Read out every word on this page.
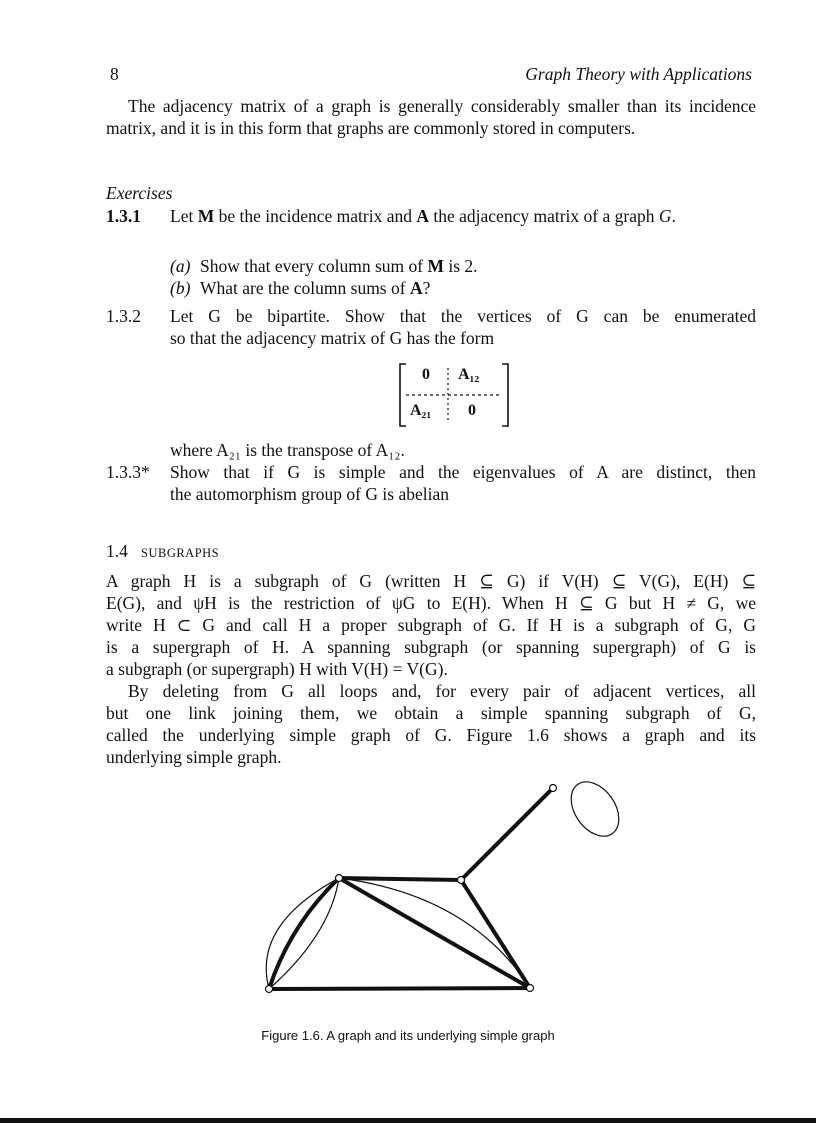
8	Graph Theory with Applications
The adjacency matrix of a graph is generally considerably smaller than its incidence matrix, and it is in this form that graphs are commonly stored in computers.
Exercises
1.3.1 Let M be the incidence matrix and A the adjacency matrix of a graph G.
(a) Show that every column sum of M is 2.
(b) What are the column sums of A?
1.3.2 Let G be bipartite. Show that the vertices of G can be enumerated
so that the adjacency matrix of G has the form
0 A₁₂
A₂₁ 0
where A₂₁ is the transpose of A₁₂.
1.3.3* Show that if G is simple and the eigenvalues of A are distinct, then
the automorphism group of G is abelian
1.4 SUBGRAPHS
A graph H is a subgraph of G (written H ⊆ G) if V(H) ⊆ V(G), E(H) ⊆
E(G), and ψH is the restriction of ψG to E(H). When H ⊆ G but H ≠ G, we
write H ⊂ G and call H a proper subgraph of G. If H is a subgraph of G, G
is a supergraph of H. A spanning subgraph (or spanning supergraph) of G is
a subgraph (or supergraph) H with V(H) = V(G).
By deleting from G all loops and, for every pair of adjacent vertices, all
but one link joining them, we obtain a simple spanning subgraph of G,
called the underlying simple graph of G. Figure 1.6 shows a graph and its
underlying simple graph.
Figure 1.6. A graph and its underlying simple graph
